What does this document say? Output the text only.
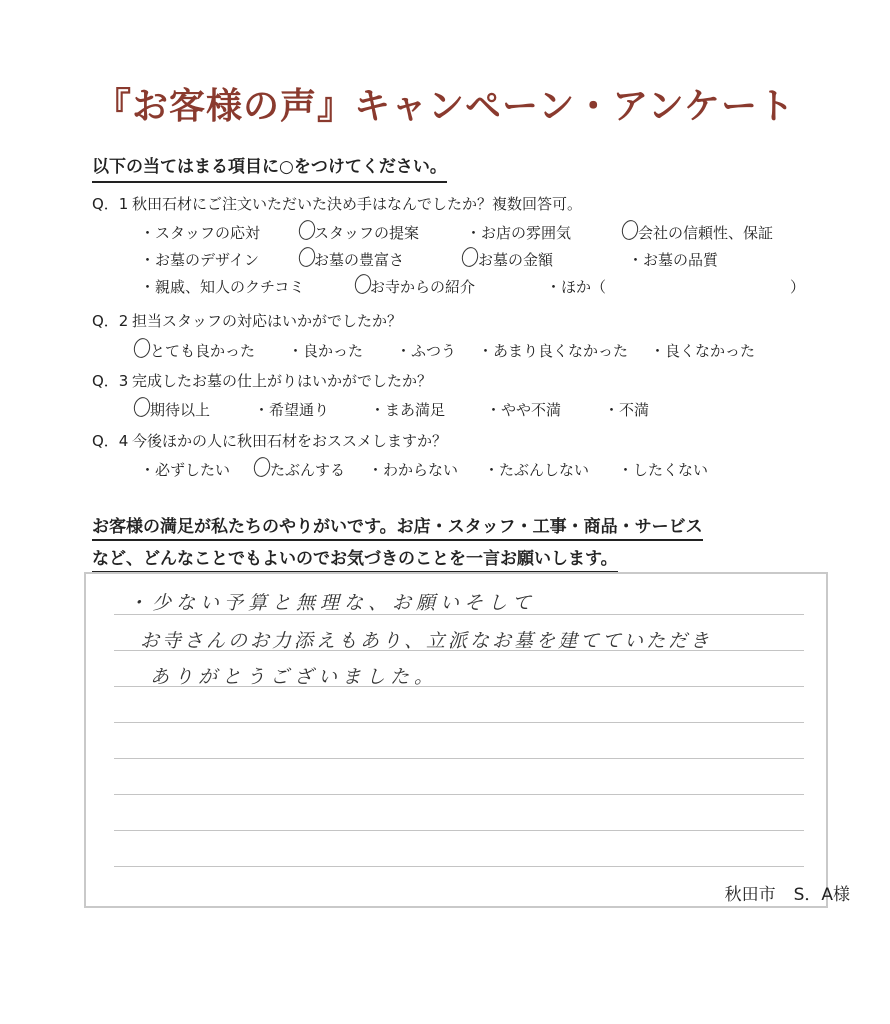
『お客様の声』キャンペーン・アンケート
以下の当てはまる項目に○をつけてください。
Q．1 秋田石材にご注文いただいた決め手はなんでしたか？複数回答可。
・スタッフの応対	スタッフの提案	・お店の雰囲気	会社の信頼性、保証
・お墓のデザイン	お墓の豊富さ	お墓の金額	・お墓の品質
・親戚、知人のクチコミ	お寺からの紹介	・ほか（	）
Q．2 担当スタッフの対応はいかがでしたか？
とても良かった ・良かった ・ふつう ・あまり良くなかった ・良くなかった
Q．3 完成したお墓の仕上がりはいかがでしたか？
期待以上	・希望通り	・まあ満足	・やや不満	・不満
Q．4 今後ほかの人に秋田石材をおススメしますか？
・必ずしたい	たぶんする ・わからない ・たぶんしない ・したくない
お客様の満足が私たちのやりがいです。お店・スタッフ・工事・商品・サービス
など、どんなことでもよいのでお気づきのことを一言お願いします。
・少ない予算と無理な、お願いそして
お寺さんのお力添えもあり、立派なお墓を建てていただき
ありがとうございました。
秋田市 S．A様
